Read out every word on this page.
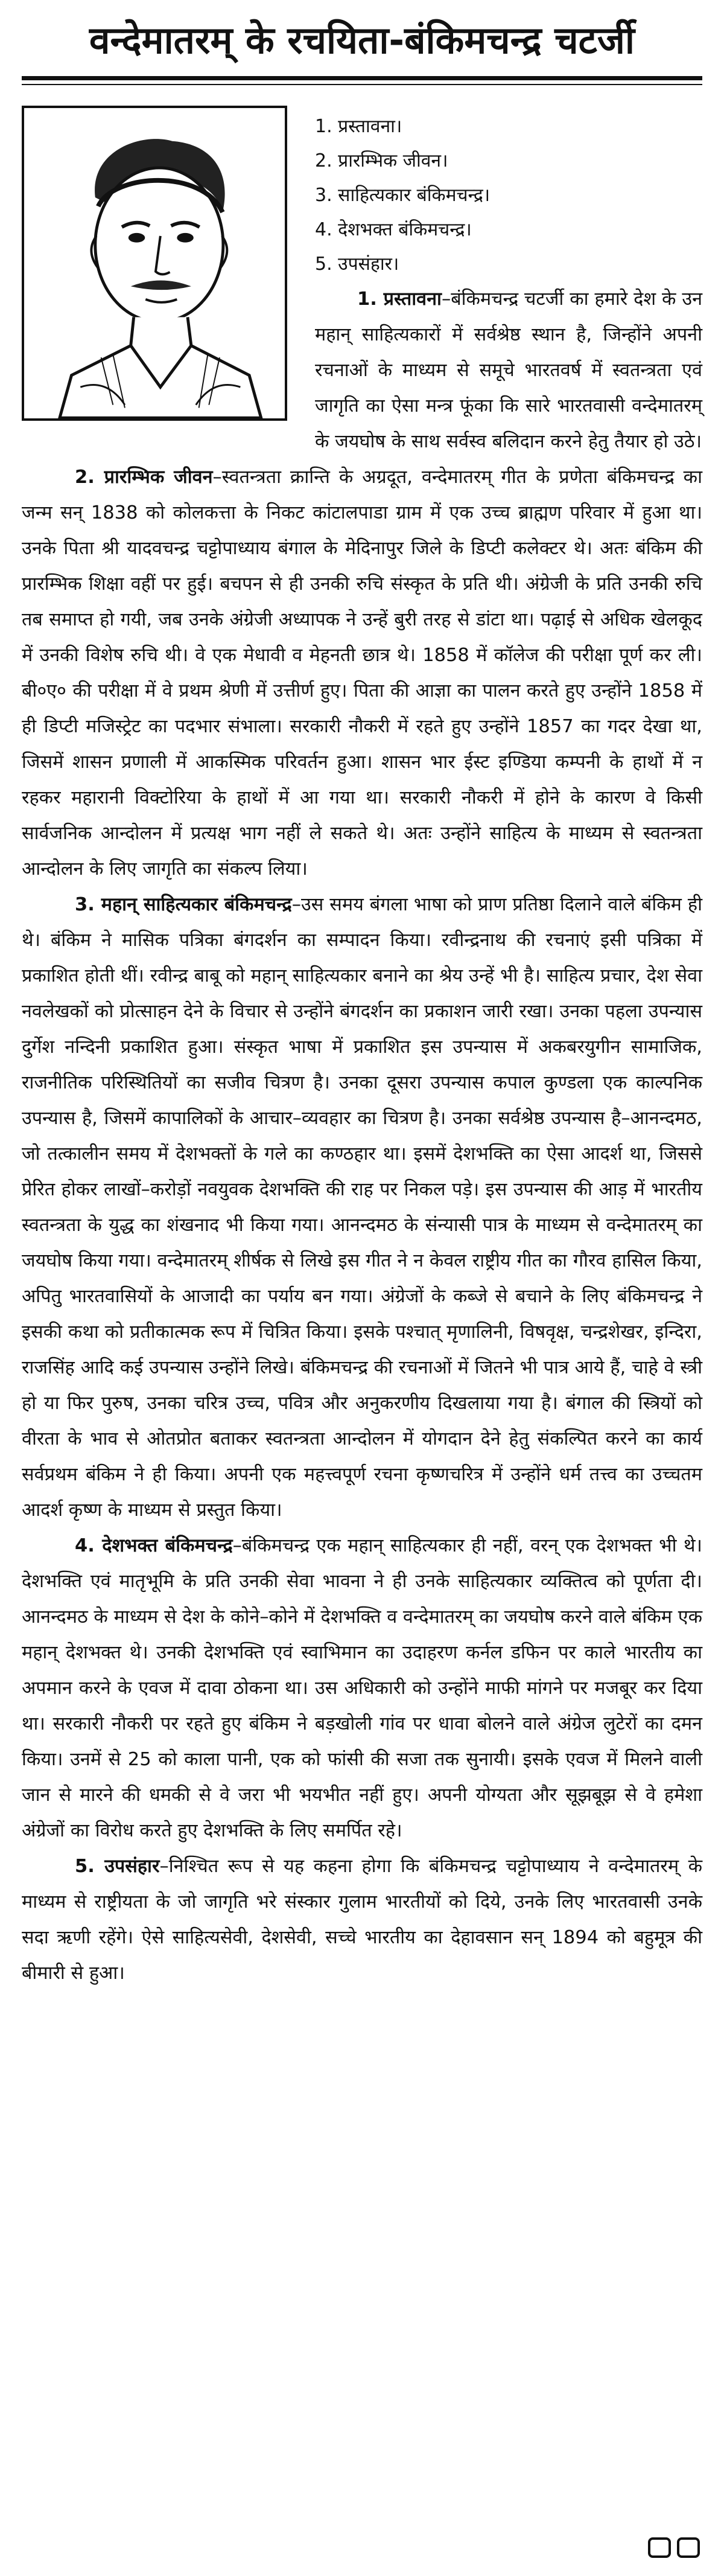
वन्देमातरम् के रचयिता-बंकिमचन्द्र चटर्जी
1. प्रस्तावना।
2. प्रारम्भिक जीवन।
3. साहित्यकार बंकिमचन्द्र।
4. देशभक्त बंकिमचन्द्र।
5. उपसंहार।

1. प्रस्तावना–बंकिमचन्द्र चटर्जी का हमारे देश के उन महान् साहित्यकारों में सर्वश्रेष्ठ स्थान है, जिन्होंने अपनी रचनाओं के माध्यम से समूचे भारतवर्ष में स्वतन्त्रता एवं जागृति का ऐसा मन्त्र फूंका कि सारे भारतवासी वन्देमातरम् के जयघोष के साथ सर्वस्व बलिदान करने हेतु तैयार हो उठे।

2. प्रारम्भिक जीवन–स्वतन्त्रता क्रान्ति के अग्रदूत, वन्देमातरम् गीत के प्रणेता बंकिमचन्द्र का जन्म सन् 1838 को कोलकत्ता के निकट कांटालपाडा ग्राम में एक उच्च ब्राह्मण परिवार में हुआ था। उनके पिता श्री यादवचन्द्र चट्टोपाध्याय बंगाल के मेदिनापुर जिले के डिप्टी कलेक्टर थे। अतः बंकिम की प्रारम्भिक शिक्षा वहीं पर हुई। बचपन से ही उनकी रुचि संस्कृत के प्रति थी। अंग्रेजी के प्रति उनकी रुचि तब समाप्त हो गयी, जब उनके अंग्रेजी अध्यापक ने उन्हें बुरी तरह से डांटा था। पढ़ाई से अधिक खेलकूद में उनकी विशेष रुचि थी। वे एक मेधावी व मेहनती छात्र थे। 1858 में कॉलेज की परीक्षा पूर्ण कर ली। बी०ए० की परीक्षा में वे प्रथम श्रेणी में उत्तीर्ण हुए। पिता की आज्ञा का पालन करते हुए उन्होंने 1858 में ही डिप्टी मजिस्ट्रेट का पदभार संभाला। सरकारी नौकरी में रहते हुए उन्होंने 1857 का गदर देखा था, जिसमें शासन प्रणाली में आकस्मिक परिवर्तन हुआ। शासन भार ईस्ट इण्डिया कम्पनी के हाथों में न रहकर महारानी विक्टोरिया के हाथों में आ गया था। सरकारी नौकरी में होने के कारण वे किसी सार्वजनिक आन्दोलन में प्रत्यक्ष भाग नहीं ले सकते थे। अतः उन्होंने साहित्य के माध्यम से स्वतन्त्रता आन्दोलन के लिए जागृति का संकल्प लिया।

3. महान् साहित्यकार बंकिमचन्द्र–उस समय बंगला भाषा को प्राण प्रतिष्ठा दिलाने वाले बंकिम ही थे। बंकिम ने मासिक पत्रिका बंगदर्शन का सम्पादन किया। रवीन्द्रनाथ की रचनाएं इसी पत्रिका में प्रकाशित होती थीं। रवीन्द्र बाबू को महान् साहित्यकार बनाने का श्रेय उन्हें भी है। साहित्य प्रचार, देश सेवा नवलेखकों को प्रोत्साहन देने के विचार से उन्होंने बंगदर्शन का प्रकाशन जारी रखा। उनका पहला उपन्यास दुर्गेश नन्दिनी प्रकाशित हुआ। संस्कृत भाषा में प्रकाशित इस उपन्यास में अकबरयुगीन सामाजिक, राजनीतिक परिस्थितियों का सजीव चित्रण है। उनका दूसरा उपन्यास कपाल कुण्डला एक काल्पनिक उपन्यास है, जिसमें कापालिकों के आचार–व्यवहार का चित्रण है। उनका सर्वश्रेष्ठ उपन्यास है–आनन्दमठ, जो तत्कालीन समय में देशभक्तों के गले का कण्ठहार था। इसमें देशभक्ति का ऐसा आदर्श था, जिससे प्रेरित होकर लाखों–करोड़ों नवयुवक देशभक्ति की राह पर निकल पड़े। इस उपन्यास की आड़ में भारतीय स्वतन्त्रता के युद्ध का शंखनाद भी किया गया। आनन्दमठ के संन्यासी पात्र के माध्यम से वन्देमातरम् का जयघोष किया गया। वन्देमातरम् शीर्षक से लिखे इस गीत ने न केवल राष्ट्रीय गीत का गौरव हासिल किया, अपितु भारतवासियों के आजादी का पर्याय बन गया। अंग्रेजों के कब्जे से बचाने के लिए बंकिमचन्द्र ने इसकी कथा को प्रतीकात्मक रूप में चित्रित किया। इसके पश्चात् मृणालिनी, विषवृक्ष, चन्द्रशेखर, इन्दिरा, राजसिंह आदि कई उपन्यास उन्होंने लिखे। बंकिमचन्द्र की रचनाओं में जितने भी पात्र आये हैं, चाहे वे स्त्री हो या फिर पुरुष, उनका चरित्र उच्च, पवित्र और अनुकरणीय दिखलाया गया है। बंगाल की स्त्रियों को वीरता के भाव से ओतप्रोत बताकर स्वतन्त्रता आन्दोलन में योगदान देने हेतु संकल्पित करने का कार्य सर्वप्रथम बंकिम ने ही किया। अपनी एक महत्त्वपूर्ण रचना कृष्णचरित्र में उन्होंने धर्म तत्त्व का उच्चतम आदर्श कृष्ण के माध्यम से प्रस्तुत किया।

4. देशभक्त बंकिमचन्द्र–बंकिमचन्द्र एक महान् साहित्यकार ही नहीं, वरन् एक देशभक्त भी थे। देशभक्ति एवं मातृभूमि के प्रति उनकी सेवा भावना ने ही उनके साहित्यकार व्यक्तित्व को पूर्णता दी। आनन्दमठ के माध्यम से देश के कोने–कोने में देशभक्ति व वन्देमातरम् का जयघोष करने वाले बंकिम एक महान् देशभक्त थे। उनकी देशभक्ति एवं स्वाभिमान का उदाहरण कर्नल डफिन पर काले भारतीय का अपमान करने के एवज में दावा ठोकना था। उस अधिकारी को उन्होंने माफी मांगने पर मजबूर कर दिया था। सरकारी नौकरी पर रहते हुए बंकिम ने बड़खोली गांव पर धावा बोलने वाले अंग्रेज लुटेरों का दमन किया। उनमें से 25 को काला पानी, एक को फांसी की सजा तक सुनायी। इसके एवज में मिलने वाली जान से मारने की धमकी से वे जरा भी भयभीत नहीं हुए। अपनी योग्यता और सूझबूझ से वे हमेशा अंग्रेजों का विरोध करते हुए देशभक्ति के लिए समर्पित रहे।

5. उपसंहार–निश्चित रूप से यह कहना होगा कि बंकिमचन्द्र चट्टोपाध्याय ने वन्देमातरम् के माध्यम से राष्ट्रीयता के जो जागृति भरे संस्कार गुलाम भारतीयों को दिये, उनके लिए भारतवासी उनके सदा ऋणी रहेंगे। ऐसे साहित्यसेवी, देशसेवी, सच्चे भारतीय का देहावसान सन् 1894 को बहुमूत्र की बीमारी से हुआ।
